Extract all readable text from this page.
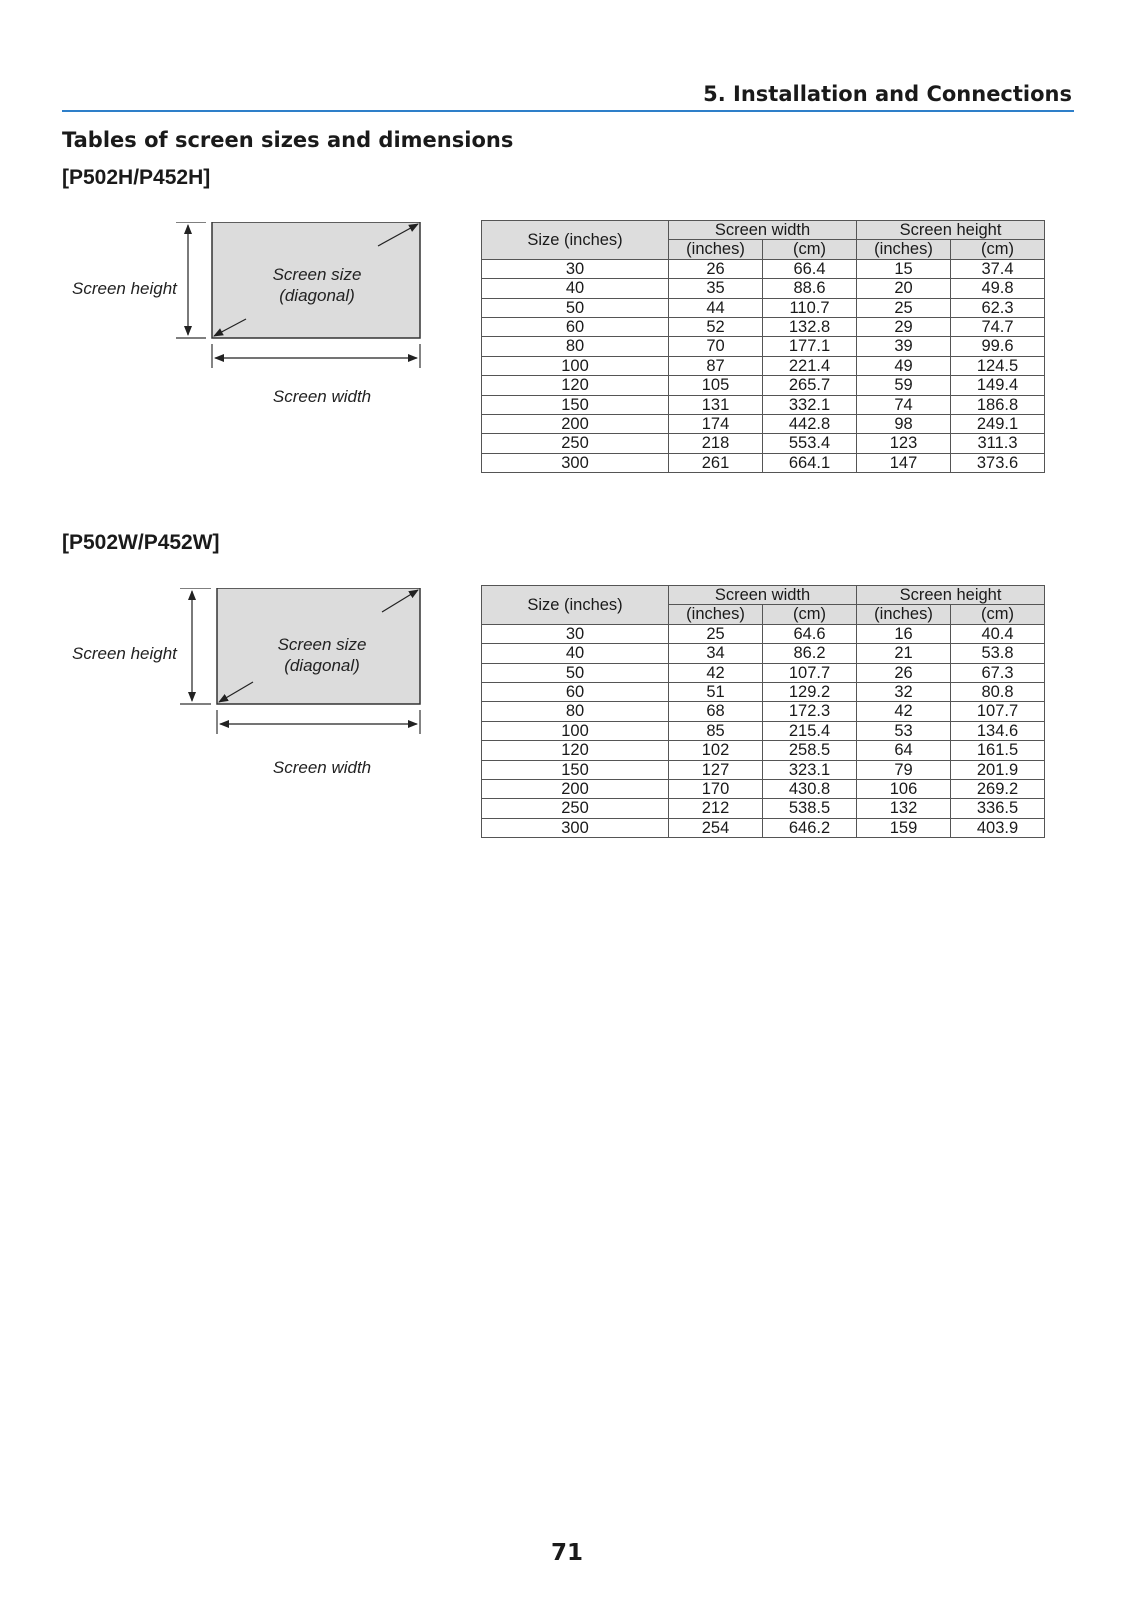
5. Installation and Connections
Tables of screen sizes and dimensions
[P502H/P452H]
Screen height
Screen size
(diagonal)
Screen width
Size (inches)	Screen width		Screen height	
	(inches)	(cm)	(inches)	(cm)
30	26	66.4	15	37.4
40	35	88.6	20	49.8
50	44	110.7	25	62.3
60	52	132.8	29	74.7
80	70	177.1	39	99.6
100	87	221.4	49	124.5
120	105	265.7	59	149.4
150	131	332.1	74	186.8
200	174	442.8	98	249.1
250	218	553.4	123	311.3
300	261	664.1	147	373.6
[P502W/P452W]
Screen height	Screen size
(diagonal)
Screen width
Size (inches)	Screen width		Screen height	
	(inches)	(cm)	(inches)	(cm)
30	25	64.6	16	40.4
40	34	86.2	21	53.8
50	42	107.7	26	67.3
60	51	129.2	32	80.8
80	68	172.3	42	107.7
100	85	215.4	53	134.6
120	102	258.5	64	161.5
150	127	323.1	79	201.9
200	170	430.8	106	269.2
250	212	538.5	132	336.5
300	254	646.2	159	403.9
71
